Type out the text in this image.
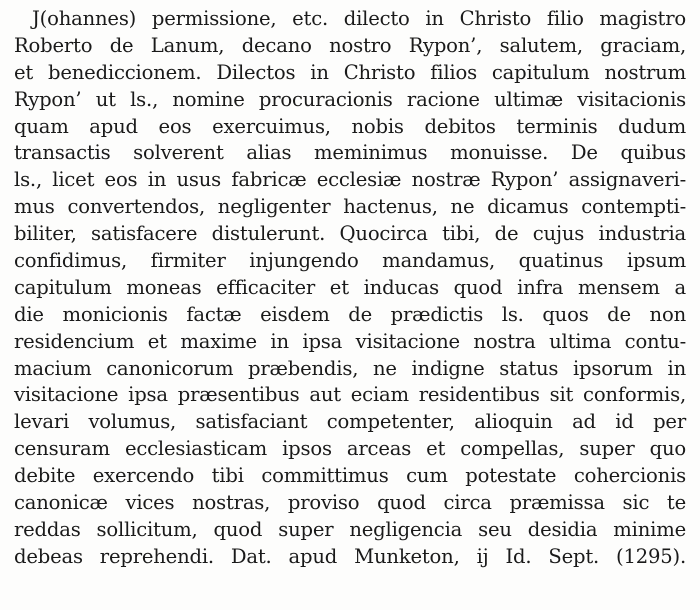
J(ohannes) permissione, etc. dilecto in Christo filio magistro
Roberto de Lanum, decano nostro Rypon’, salutem, graciam,
et benediccionem. Dilectos in Christo filios capitulum nostrum
Rypon’ ut ls., nomine procuracionis racione ultimæ visitacionis
quam apud eos exercuimus, nobis debitos terminis dudum
transactis solverent alias meminimus monuisse. De quibus
ls., licet eos in usus fabricæ ecclesiæ nostræ Rypon’ assignaveri-
mus convertendos, negligenter hactenus, ne dicamus contempti-
biliter, satisfacere distulerunt. Quocirca tibi, de cujus industria
confidimus, firmiter injungendo mandamus, quatinus ipsum
capitulum moneas efficaciter et inducas quod infra mensem a
die monicionis factæ eisdem de prædictis ls. quos de non
residencium et maxime in ipsa visitacione nostra ultima contu-
macium canonicorum præbendis, ne indigne status ipsorum in
visitacione ipsa præsentibus aut eciam residentibus sit conformis,
levari volumus, satisfaciant competenter, alioquin ad id per
censuram ecclesiasticam ipsos arceas et compellas, super quo
debite exercendo tibi committimus cum potestate cohercionis
canonicæ vices nostras, proviso quod circa præmissa sic te
reddas sollicitum, quod super negligencia seu desidia minime
debeas reprehendi. Dat. apud Munketon, ij Id. Sept. (1295).
